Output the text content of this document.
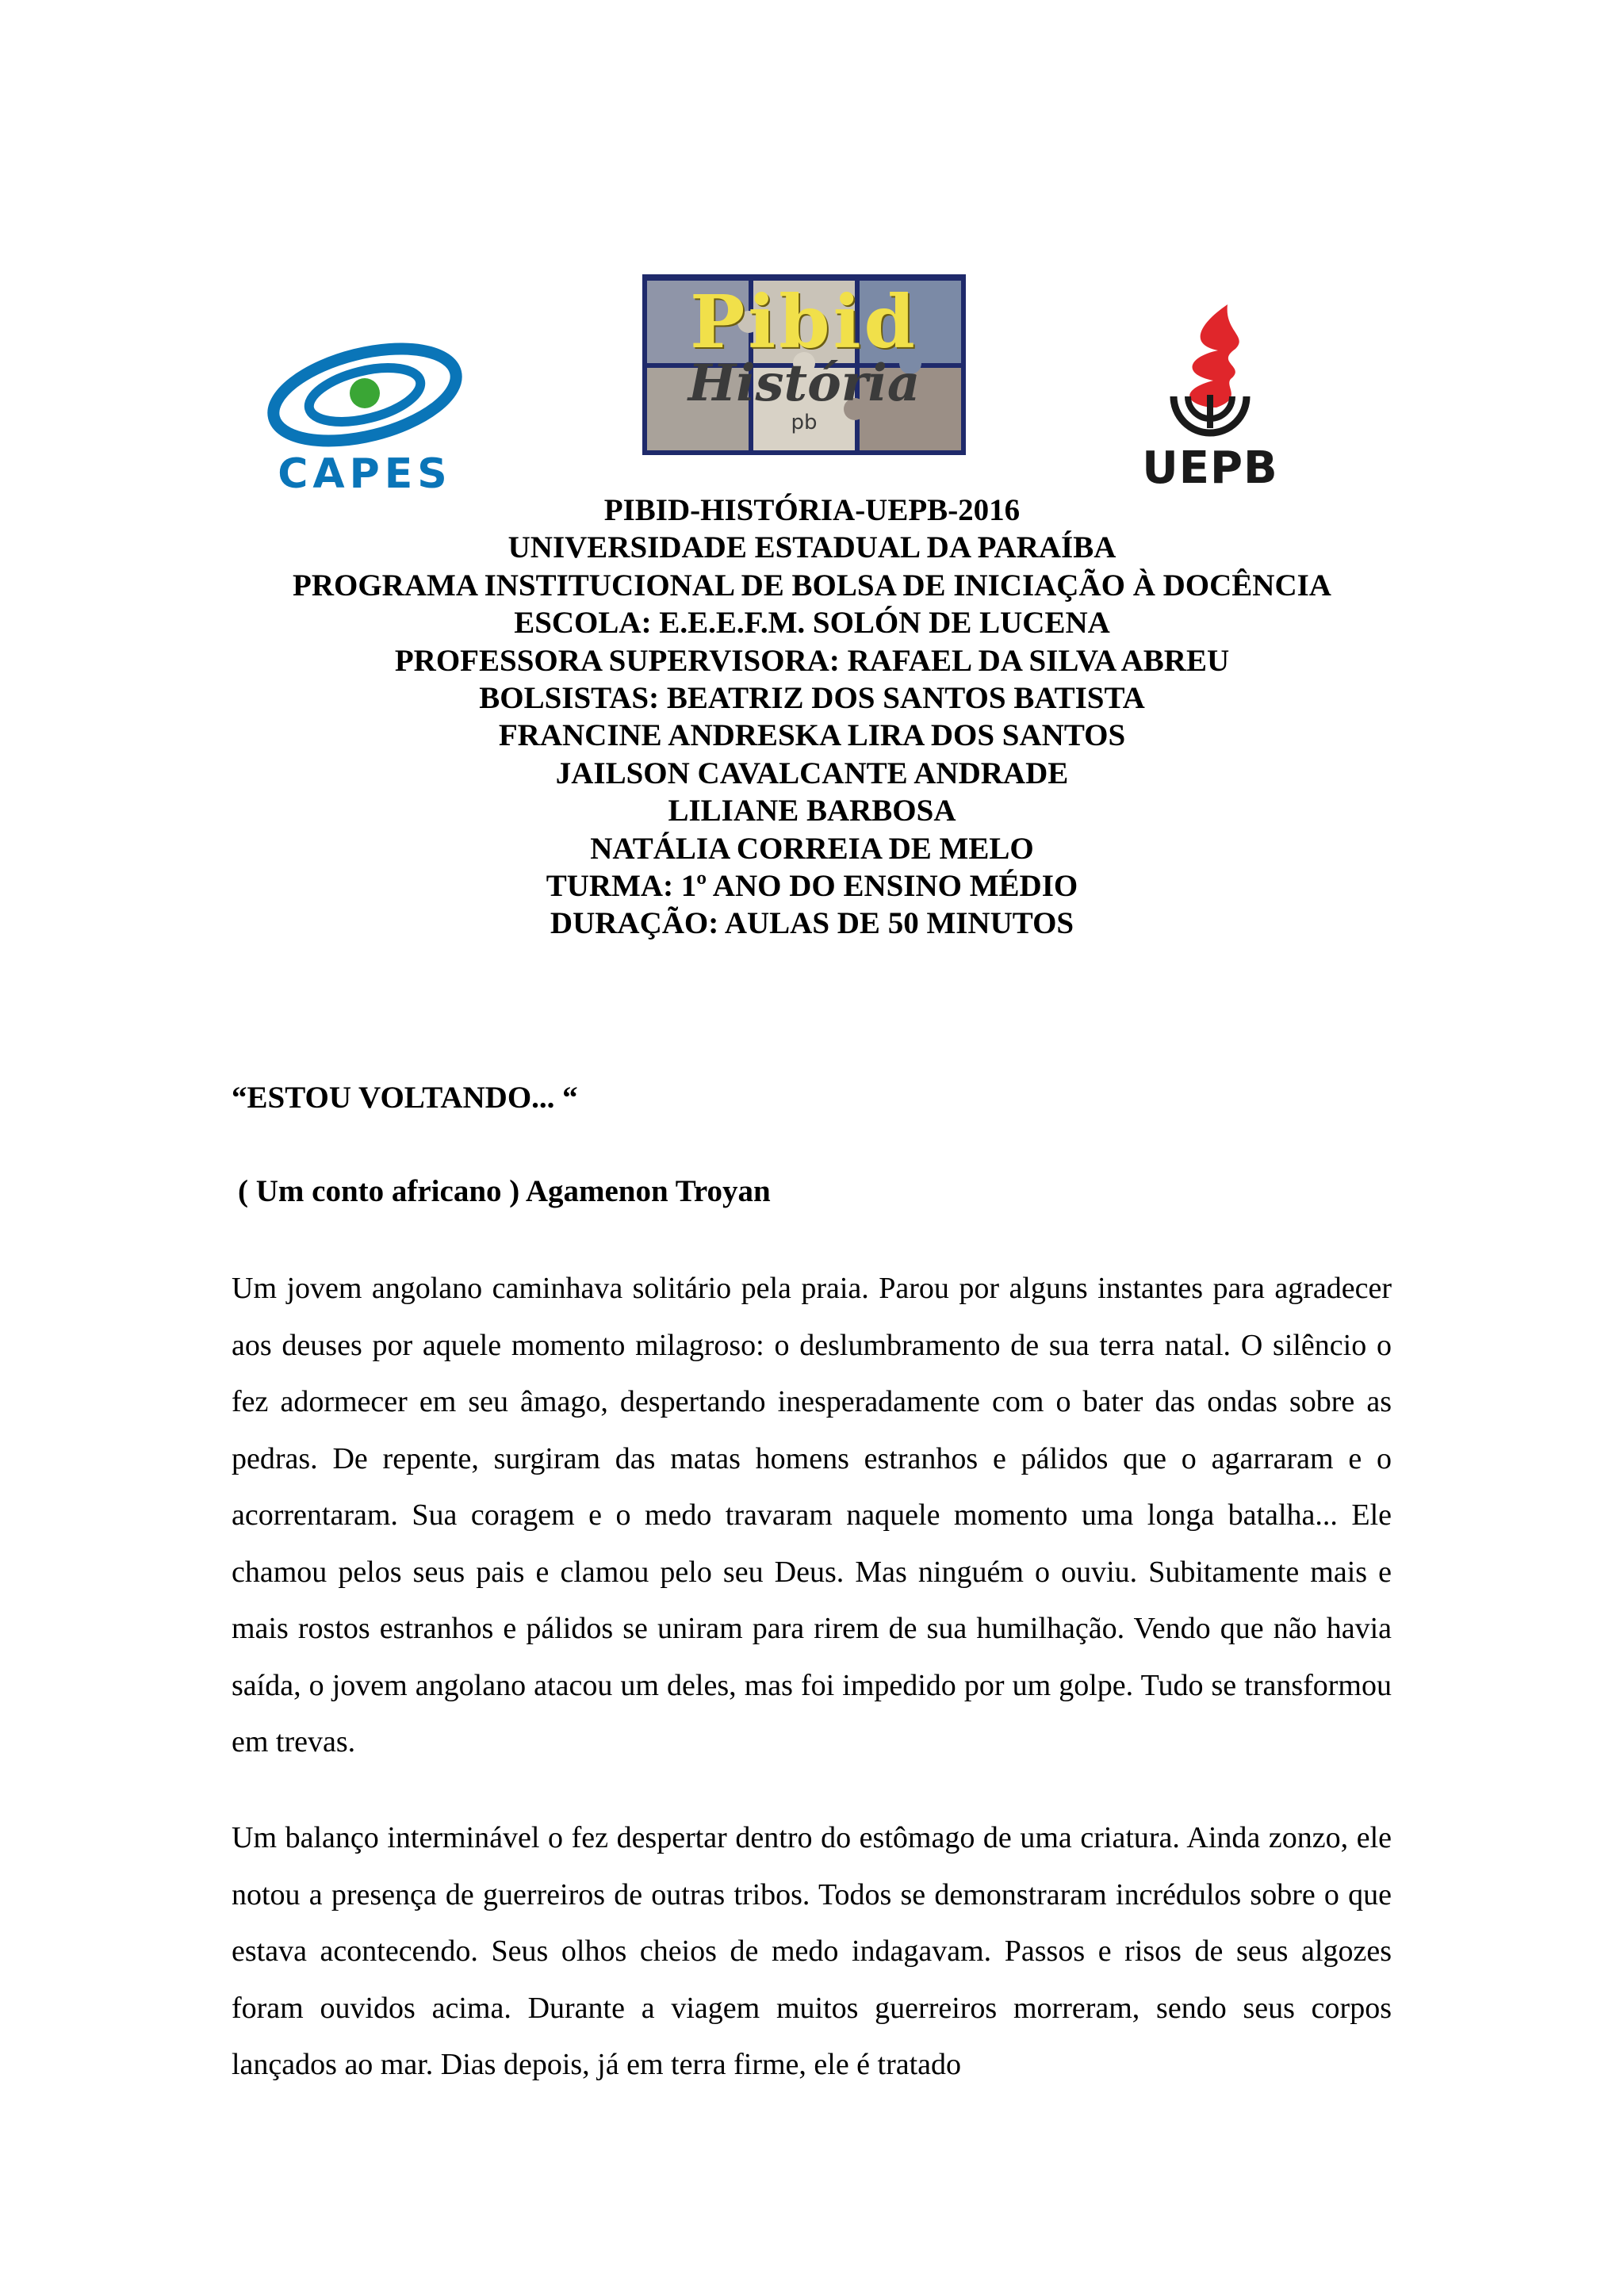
CAPES
Pibid
História
pb
UEPB
PIBID-HISTÓRIA-UEPB-2016
UNIVERSIDADE ESTADUAL DA PARAÍBA
PROGRAMA INSTITUCIONAL DE BOLSA DE INICIAÇÃO À DOCÊNCIA
ESCOLA: E.E.E.F.M. SOLÓN DE LUCENA
PROFESSORA SUPERVISORA: RAFAEL DA SILVA ABREU
BOLSISTAS: BEATRIZ DOS SANTOS BATISTA
FRANCINE ANDRESKA LIRA DOS SANTOS
JAILSON CAVALCANTE ANDRADE
LILIANE BARBOSA
NATÁLIA CORREIA DE MELO
TURMA: 1º ANO DO ENSINO MÉDIO
DURAÇÃO: AULAS DE 50 MINUTOS
“ESTOU VOLTANDO... “
( Um conto africano ) Agamenon Troyan

Um jovem angolano caminhava solitário pela praia. Parou por alguns instantes para agradecer aos deuses por aquele momento milagroso: o deslumbramento de sua terra natal. O silêncio o fez adormecer em seu âmago, despertando inesperadamente com o bater das ondas sobre as pedras. De repente, surgiram das matas homens estranhos e pálidos que o agarraram e o acorrentaram. Sua coragem e o medo travaram naquele momento uma longa batalha... Ele chamou pelos seus pais e clamou pelo seu Deus. Mas ninguém o ouviu. Subitamente mais e mais rostos estranhos e pálidos se uniram para rirem de sua humilhação. Vendo que não havia saída, o jovem angolano atacou um deles, mas foi impedido por um golpe. Tudo se transformou em trevas.

Um balanço interminável o fez despertar dentro do estômago de uma criatura. Ainda zonzo, ele notou a presença de guerreiros de outras tribos. Todos se demonstraram incrédulos sobre o que estava acontecendo. Seus olhos cheios de medo indagavam. Passos e risos de seus algozes foram ouvidos acima. Durante a viagem muitos guerreiros morreram, sendo seus corpos lançados ao mar. Dias depois, já em terra firme, ele é tratado
